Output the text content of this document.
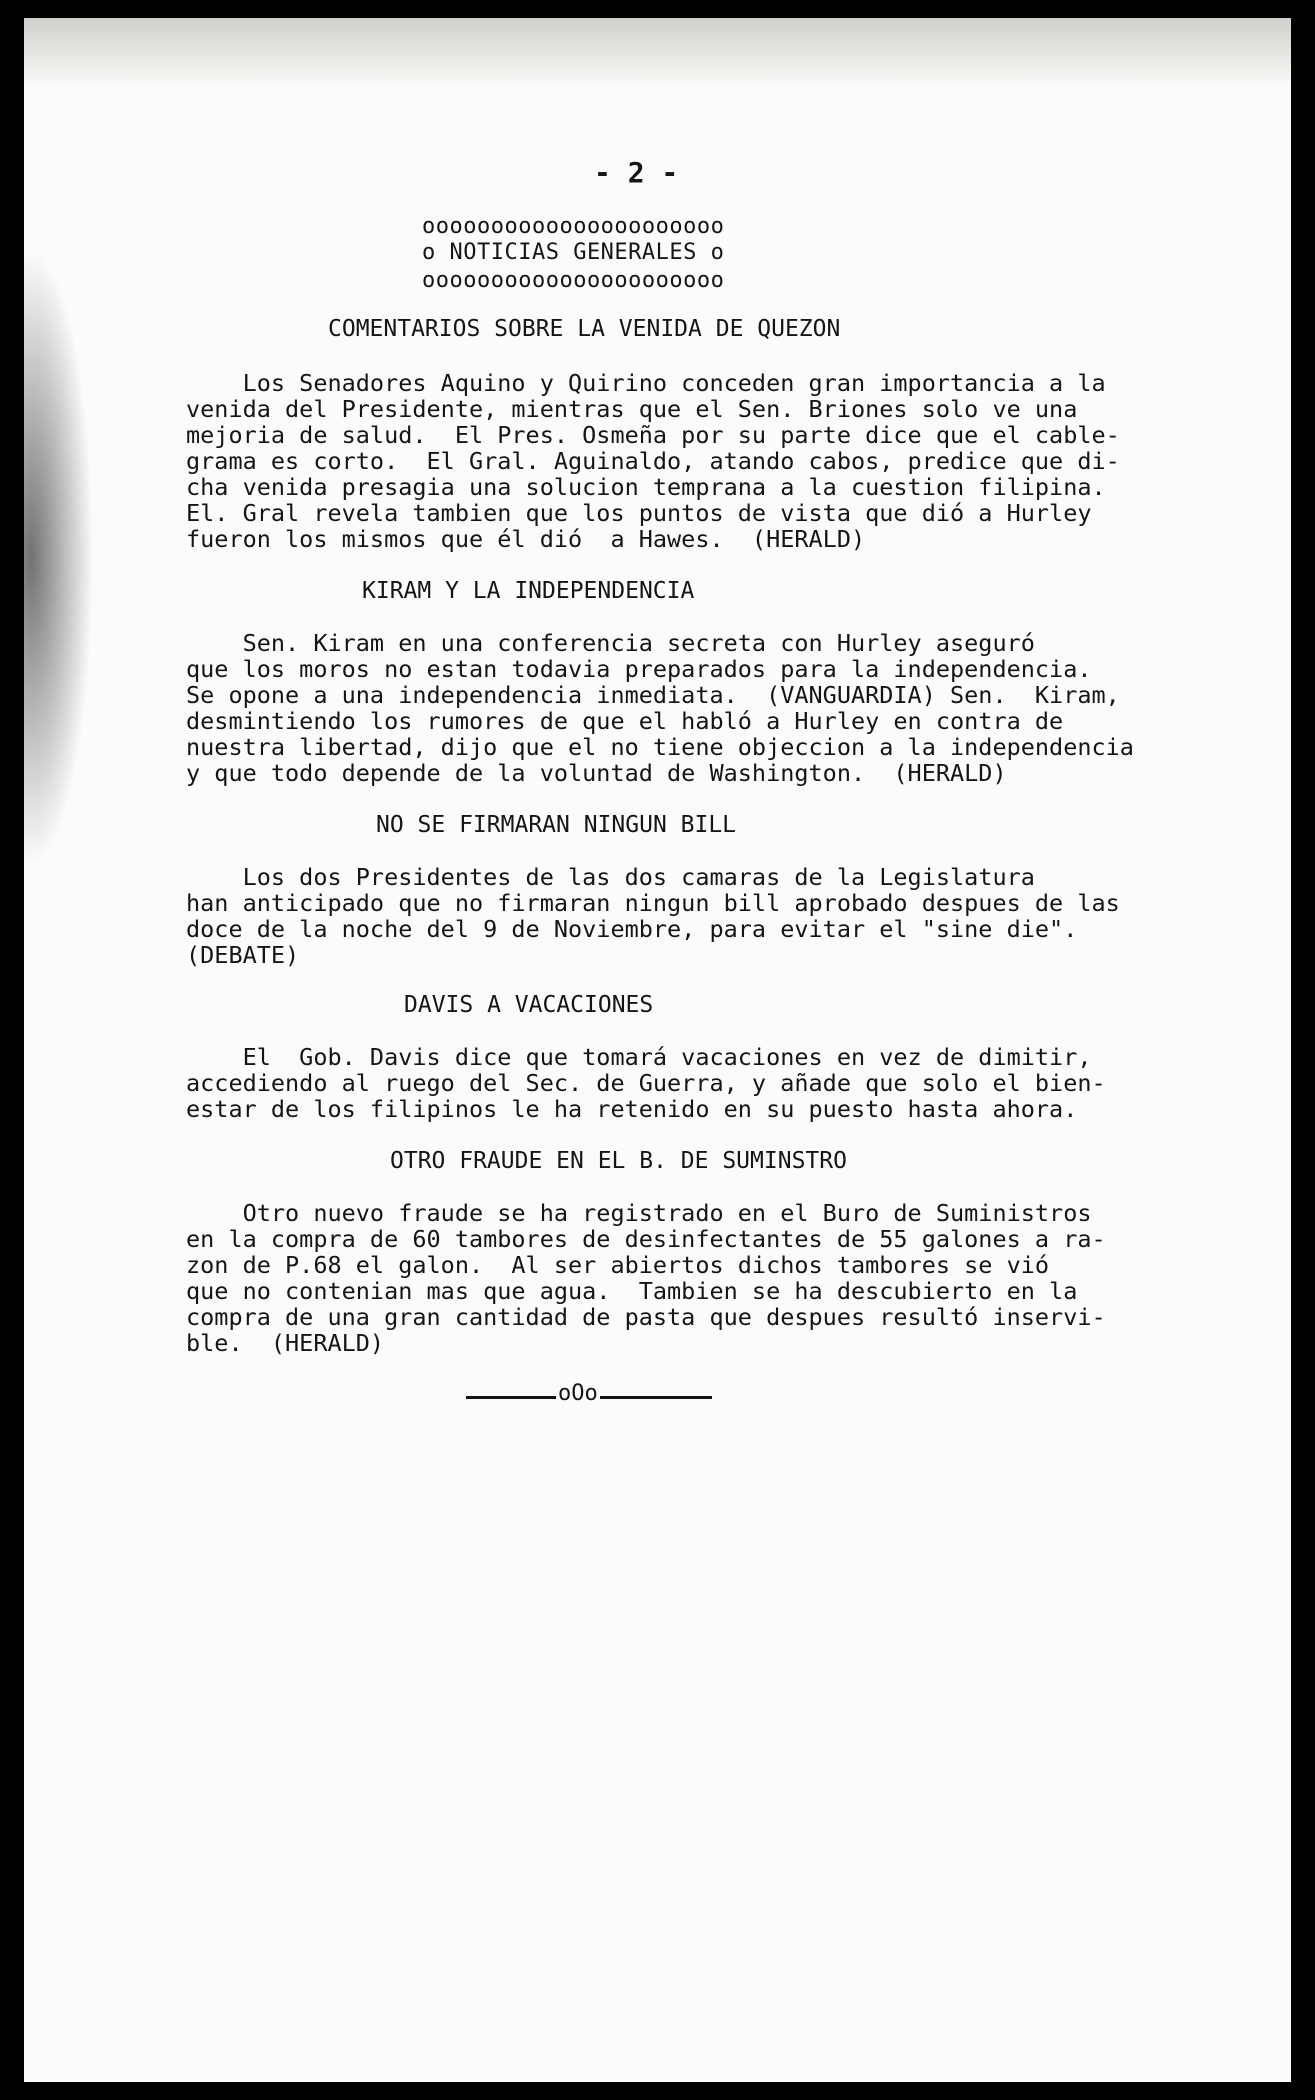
- 2 -

oooooooooooooooooooooo

o NOTICIAS GENERALES o

oooooooooooooooooooooo

COMENTARIOS SOBRE LA VENIDA DE QUEZON

Los Senadores Aquino y Quirino conceden gran importancia a la

venida del Presidente, mientras que el Sen. Briones solo ve una

mejoria de salud.  El Pres. Osmeña por su parte dice que el cable-

grama es corto.  El Gral. Aguinaldo, atando cabos, predice que di-

cha venida presagia una solucion temprana a la cuestion filipina.

El. Gral revela tambien que los puntos de vista que dió a Hurley

fueron los mismos que él dió  a Hawes.  (HERALD)

KIRAM Y LA INDEPENDENCIA

Sen. Kiram en una conferencia secreta con Hurley aseguró

que los moros no estan todavia preparados para la independencia.

Se opone a una independencia inmediata.  (VANGUARDIA) Sen.  Kiram,

desmintiendo los rumores de que el habló a Hurley en contra de

nuestra libertad, dijo que el no tiene objeccion a la independencia

y que todo depende de la voluntad de Washington.  (HERALD)

NO SE FIRMARAN NINGUN BILL

Los dos Presidentes de las dos camaras de la Legislatura

han anticipado que no firmaran ningun bill aprobado despues de las

doce de la noche del 9 de Noviembre, para evitar el "sine die".

(DEBATE)

DAVIS A VACACIONES

El  Gob. Davis dice que tomará vacaciones en vez de dimitir,

accediendo al ruego del Sec. de Guerra, y añade que solo el bien-

estar de los filipinos le ha retenido en su puesto hasta ahora.

OTRO FRAUDE EN EL B. DE SUMINSTRO

Otro nuevo fraude se ha registrado en el Buro de Suministros

en la compra de 60 tambores de desinfectantes de 55 galones a ra-

zon de P.68 el galon.  Al ser abiertos dichos tambores se vió

que no contenian mas que agua.  Tambien se ha descubierto en la

compra de una gran cantidad de pasta que despues resultó inservi-

ble.  (HERALD)

oOo
